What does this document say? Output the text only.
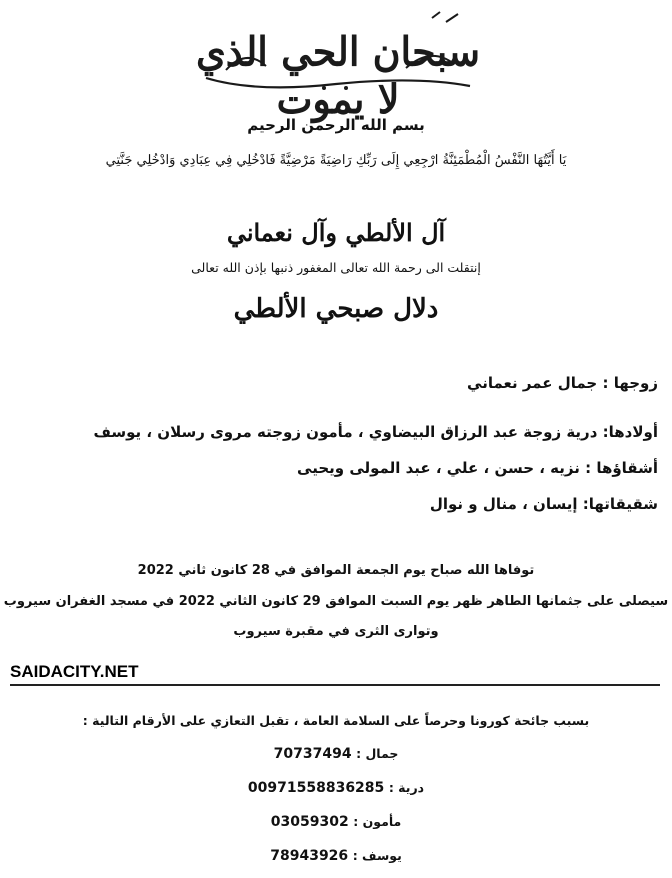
سبحان الحي الذي لا يموت
بسم الله الرحمن الرحيم
يَا أَيَّتُهَا النَّفْسُ الْمُطْمَئِنَّةُ ارْجِعِي إِلَى رَبِّكِ رَاضِيَةً مَرْضِيَّةً فَادْخُلِي فِي عِبَادِي وَادْخُلِي جَنَّتِي
آل الألطي وآل نعماني
إنتقلت الى رحمة الله تعالى المغفور ذنبها بإذن الله تعالى
دلال صبحي الألطي
زوجها : جمال عمر نعماني
أولادها: درية زوجة عبد الرزاق البيضاوي ، مأمون زوجته مروى رسلان ، يوسف
أشقاؤها : نزيه ، حسن ، علي ، عبد المولى ويحيى
شقيقاتها: إيسان ، منال و نوال
توفاها الله صباح يوم الجمعة الموافق في 28 كانون ثاني 2022
سيصلى على جثمانها الطاهر ظهر يوم السبت الموافق 29 كانون الثاني 2022 في مسجد الغفران سيروب
وتوارى الثرى في مقبرة سيروب
SAIDACITY.NET
بسبب جائحة كورونا وحرصاً على السلامة العامة ، تقبل التعازي على الأرقام التالية :
جمال : 70737494
درية : 00971558836285
مأمون : 03059302
يوسف : 78943926
